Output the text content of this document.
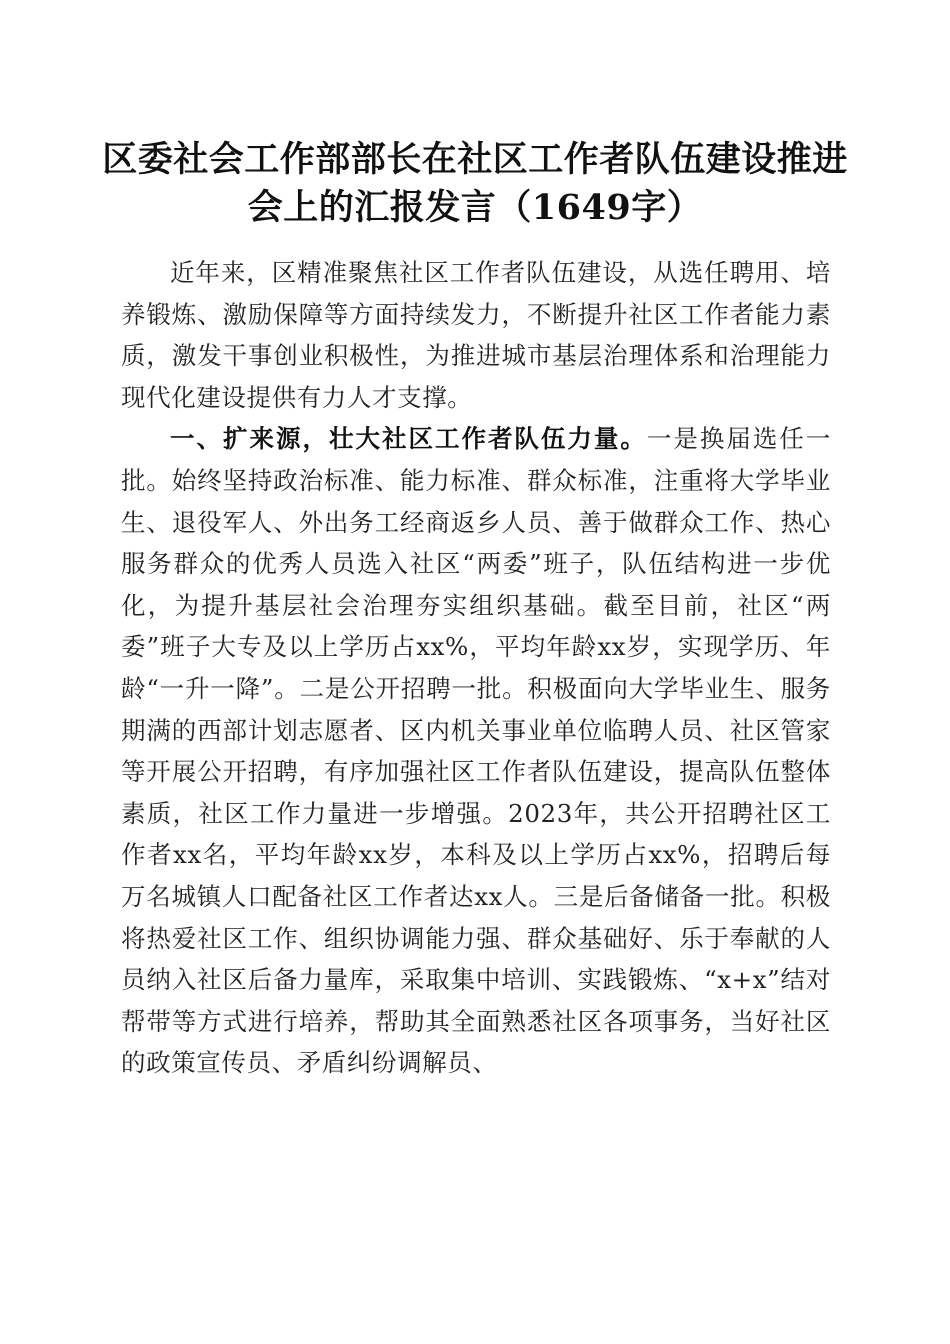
区委社会工作部部长在社区工作者队伍建设推进会上的汇报发言（1649字）

近年来，区精准聚焦社区工作者队伍建设，从选任聘用、培养锻炼、激励保障等方面持续发力，不断提升社区工作者能力素质，激发干事创业积极性，为推进城市基层治理体系和治理能力现代化建设提供有力人才支撑。

一、扩来源，壮大社区工作者队伍力量。一是换届选任一批。始终坚持政治标准、能力标准、群众标准，注重将大学毕业生、退役军人、外出务工经商返乡人员、善于做群众工作、热心服务群众的优秀人员选入社区“两委”班子，队伍结构进一步优化，为提升基层社会治理夯实组织基础。截至目前，社区“两委”班子大专及以上学历占xx%，平均年龄xx岁，实现学历、年龄“一升一降”。二是公开招聘一批。积极面向大学毕业生、服务期满的西部计划志愿者、区内机关事业单位临聘人员、社区管家等开展公开招聘，有序加强社区工作者队伍建设，提高队伍整体素质，社区工作力量进一步增强。2023年，共公开招聘社区工作者xx名，平均年龄xx岁，本科及以上学历占xx%，招聘后每万名城镇人口配备社区工作者达xx人。三是后备储备一批。积极将热爱社区工作、组织协调能力强、群众基础好、乐于奉献的人员纳入社区后备力量库，采取集中培训、实践锻炼、“x+x”结对帮带等方式进行培养，帮助其全面熟悉社区各项事务，当好社区的政策宣传员、矛盾纠纷调解员、
